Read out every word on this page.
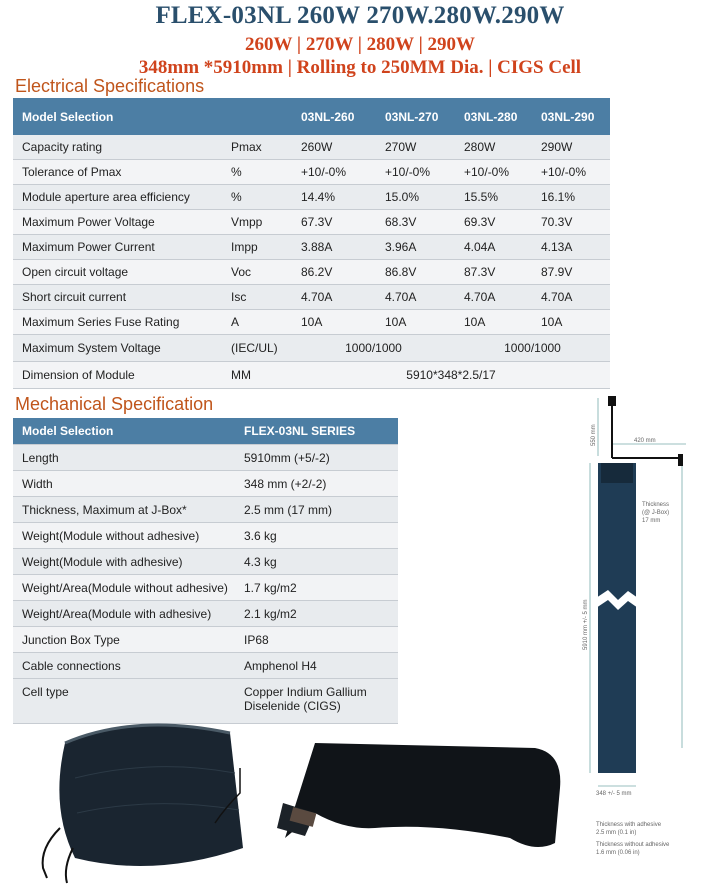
FLEX-03NL 260W 270W.280W.290W
260W | 270W | 280W | 290W
348mm *5910mm | Rolling to 250MM Dia. | CIGS Cell
Electrical Specifications
Model Selection		03NL-260	03NL-270	03NL-280	03NL-290
Capacity rating	Pmax	260W	270W	280W	290W
Tolerance of Pmax	%	+10/-0%	+10/-0%	+10/-0%	+10/-0%
Module aperture area efficiency	%	14.4%	15.0%	15.5%	16.1%
Maximum Power Voltage	Vmpp	67.3V	68.3V	69.3V	70.3V
Maximum Power Current	Impp	3.88A	3.96A	4.04A	4.13A
Open circuit voltage	Voc	86.2V	86.8V	87.3V	87.9V
Short circuit current	Isc	4.70A	4.70A	4.70A	4.70A
Maximum Series Fuse Rating	A	10A	10A	10A	10A
Maximum System Voltage	(IEC/UL)	1000/1000		1000/1000	
Dimension of Module	MM	5910*348*2.5/17			
Mechanical Specification
Model Selection	FLEX-03NL SERIES
Length	5910mm (+5/-2)
Width	348 mm (+2/-2)
Thickness, Maximum at J-Box*	2.5 mm (17 mm)
Weight(Module without adhesive)	3.6 kg
Weight(Module with adhesive)	4.3 kg
Weight/Area(Module without adhesive)	1.7 kg/m2
Weight/Area(Module with adhesive)	2.1 kg/m2
Junction Box Type	IP68
Cable connections	Amphenol H4
Cell type	Copper Indium Gallium
Diselenide (CIGS)
550 mm	420 mm
5910 mm +/- 5 mm
Thickness
(@ J-Box)
17 mm
348 +/- 5 mm
Thickness with adhesive
2.5 mm (0.1 in)
Thickness without adhesive
1.6 mm (0.06 in)
